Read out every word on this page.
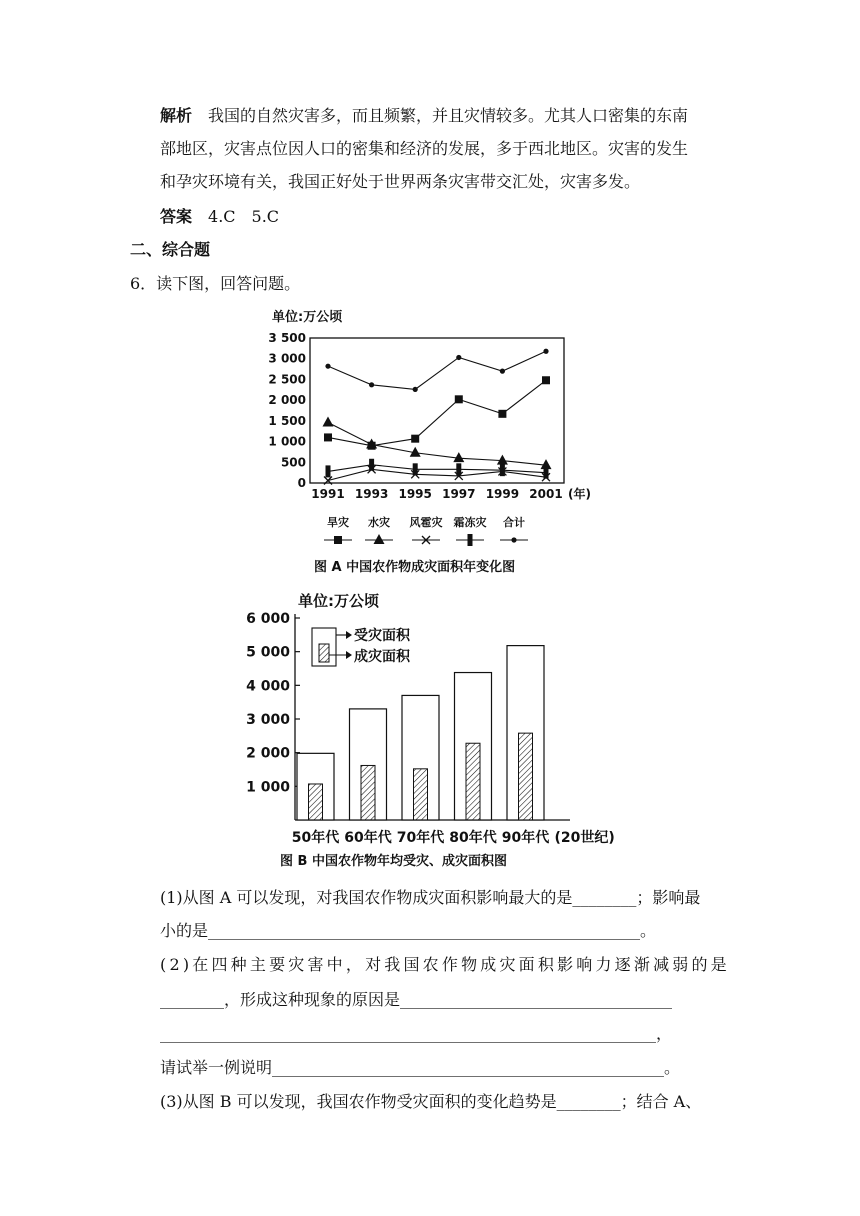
解析　 我国的自然灾害多，而且频繁，并且灾情较多。尤其人口密集的东南
部地区，灾害点位因人口的密集和经济的发展，多于西北地区。灾害的发生
和孕灾环境有关，我国正好处于世界两条灾害带交汇处，灾害多发。
答案　 4.C　5.C
二、综合题
6．读下图，回答问题。
单位:万公顷
0
500
1 000
1 500
2 000
2 500
3 000
3 500
1991 1993 1995 1997 1999 2001 (年)
旱灾 水灾 风雹灾 霜冻灾 合计
图 A 中国农作物成灾面积年变化图
单位:万公顷
1 000
2 000
3 000
4 000
5 000
6 000
受灾面积
成灾面积
50年代 60年代 70年代 80年代 90年代 (20世纪)
图 B 中国农作物年均受灾、成灾面积图
(1)从图 A 可以发现，对我国农作物成灾面积影响最大的是________；影响最
小的是______________________________________________________。
(2)在四种主要灾害中，对我国农作物成灾面积影响力逐渐减弱的是
________，形成这种现象的原因是__________________________________
______________________________________________________________，
请试举一例说明_________________________________________________。
(3)从图 B 可以发现，我国农作物受灾面积的变化趋势是________；结合 A、
